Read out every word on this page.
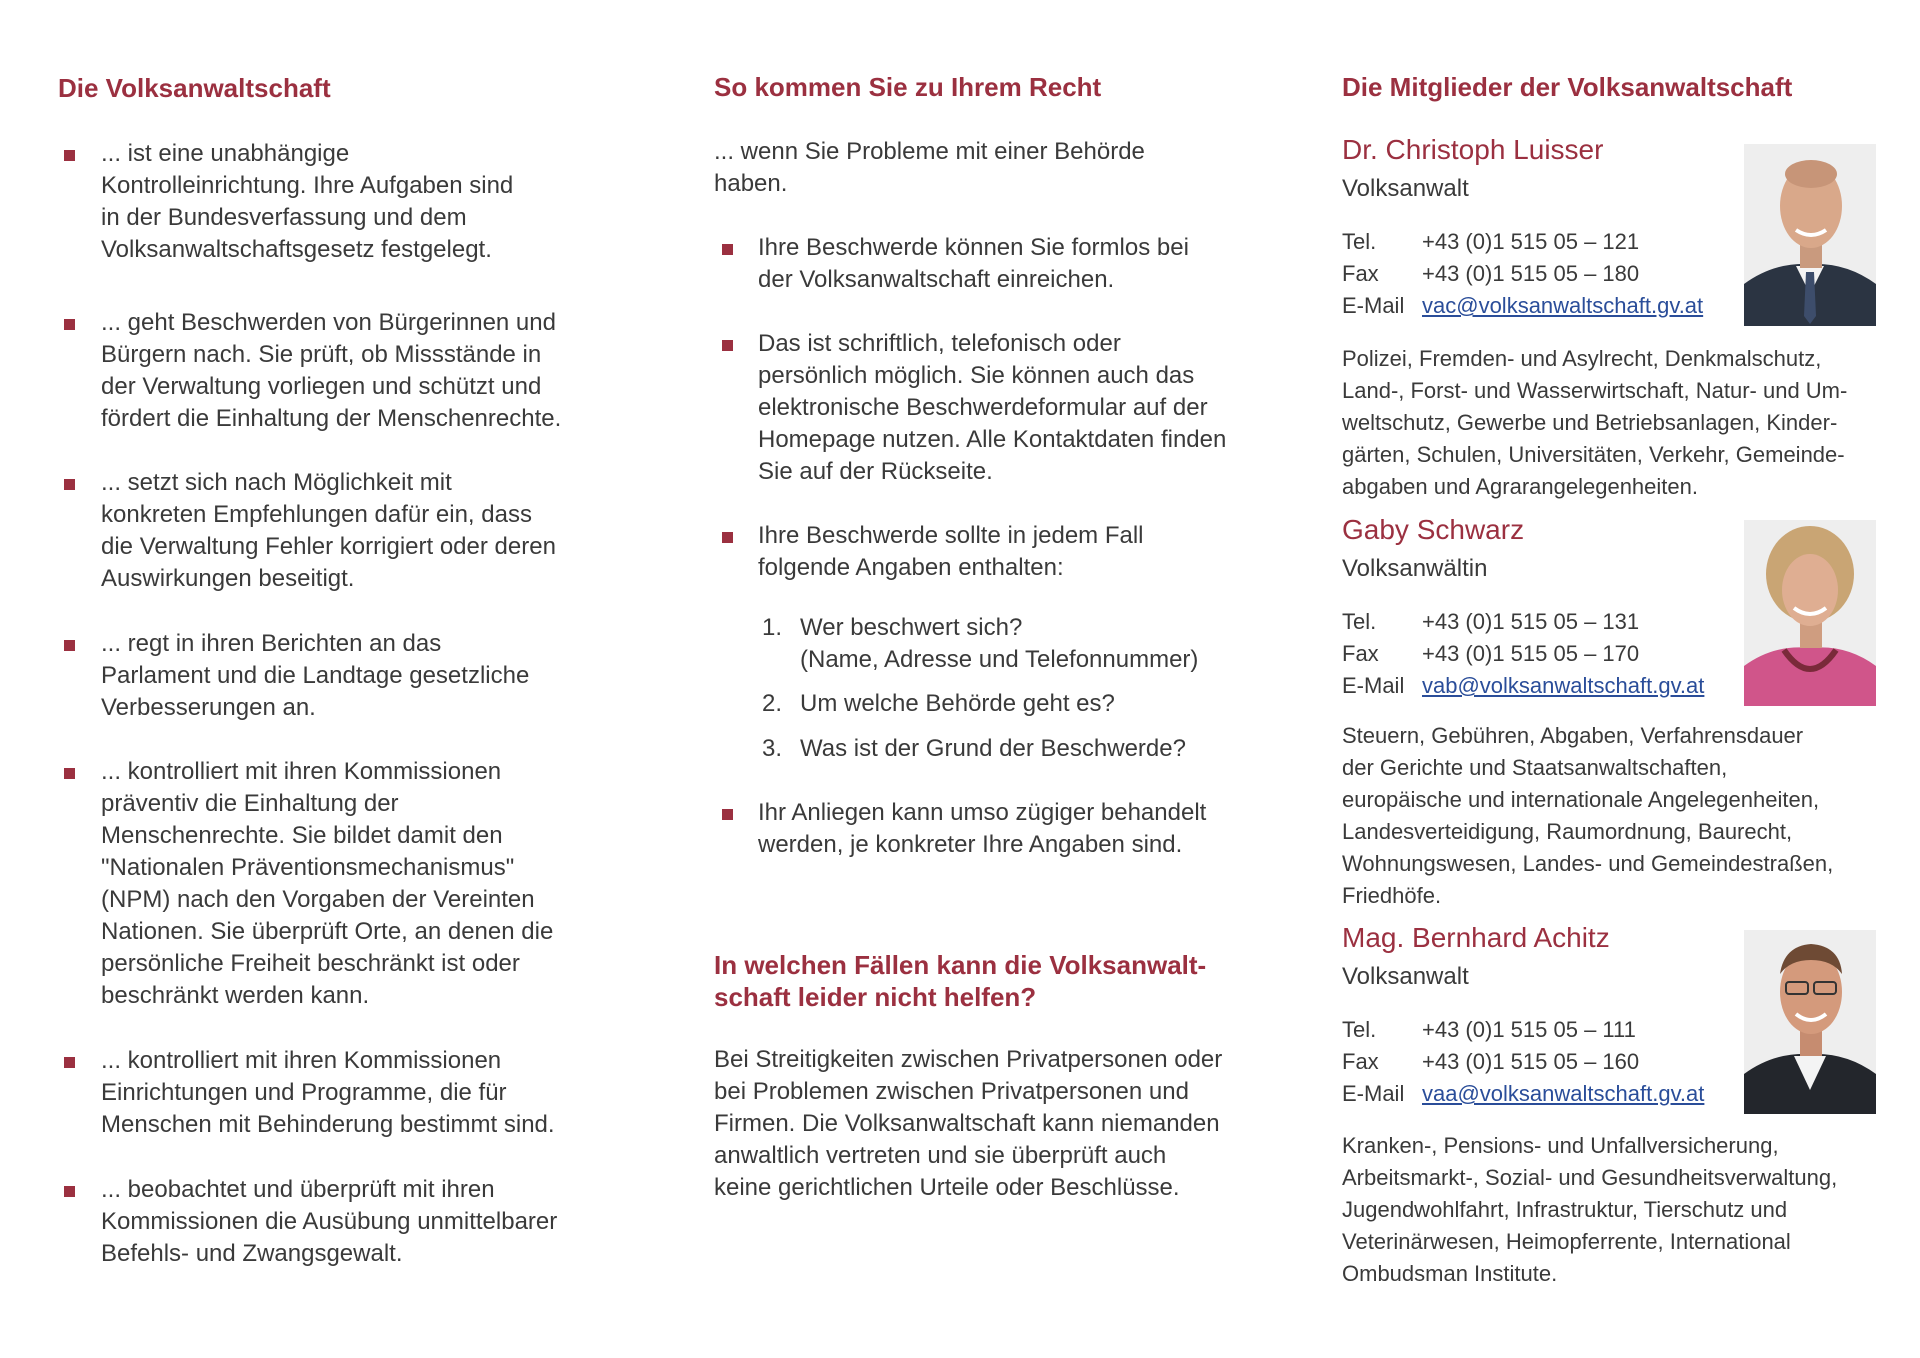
Die Volksanwaltschaft
... ist eine unabhängige
Kontrolleinrichtung. Ihre Aufgaben sind
in der Bundesverfassung und dem
Volksanwaltschaftsgesetz festgelegt.
... geht Beschwerden von Bürgerinnen und
Bürgern nach. Sie prüft, ob Missstände in
der Verwaltung vorliegen und schützt und
fördert die Einhaltung der Menschenrechte.
... setzt sich nach Möglichkeit mit
konkreten Empfehlungen dafür ein, dass
die Verwaltung Fehler korrigiert oder deren
Auswirkungen beseitigt.
... regt in ihren Berichten an das
Parlament und die Landtage gesetzliche
Verbesserungen an.
... kontrolliert mit ihren Kommissionen
präventiv die Einhaltung der
Menschenrechte. Sie bildet damit den
"Nationalen Präventionsmechanismus"
(NPM) nach den Vorgaben der Vereinten
Nationen. Sie überprüft Orte, an denen die
persönliche Freiheit beschränkt ist oder
beschränkt werden kann.
... kontrolliert mit ihren Kommissionen
Einrichtungen und Programme, die für
Menschen mit Behinderung bestimmt sind.
... beobachtet und überprüft mit ihren
Kommissionen die Ausübung unmittelbarer
Befehls- und Zwangsgewalt.
So kommen Sie zu Ihrem Recht
... wenn Sie Probleme mit einer Behörde
haben.
Ihre Beschwerde können Sie formlos bei
der Volksanwaltschaft einreichen.
Das ist schriftlich, telefonisch oder
persönlich möglich. Sie können auch das
elektronische Beschwerdeformular auf der
Homepage nutzen. Alle Kontaktdaten finden
Sie auf der Rückseite.
Ihre Beschwerde sollte in jedem Fall
folgende Angaben enthalten:
1. Wer beschwert sich?
(Name, Adresse und Telefonnummer)
2. Um welche Behörde geht es?
3. Was ist der Grund der Beschwerde?
Ihr Anliegen kann umso zügiger behandelt
werden, je konkreter Ihre Angaben sind.
In welchen Fällen kann die Volksanwalt-
schaft leider nicht helfen?
Bei Streitigkeiten zwischen Privatpersonen oder
bei Problemen zwischen Privatpersonen und
Firmen. Die Volksanwaltschaft kann niemanden
anwaltlich vertreten und sie überprüft auch
keine gerichtlichen Urteile oder Beschlüsse.
Die Mitglieder der Volksanwaltschaft
Dr. Christoph Luisser
Volksanwalt
Tel. +43 (0)1 515 05 – 121
Fax +43 (0)1 515 05 – 180
E-Mail vac@volksanwaltschaft.gv.at
Polizei, Fremden- und Asylrecht, Denkmalschutz,
Land-, Forst- und Wasserwirtschaft, Natur- und Um-
weltschutz, Gewerbe und Betriebsanlagen, Kinder-
gärten, Schulen, Universitäten, Verkehr, Gemeinde-
abgaben und Agrarangelegenheiten.
Gaby Schwarz
Volksanwältin
Tel. +43 (0)1 515 05 – 131
Fax +43 (0)1 515 05 – 170
E-Mail vab@volksanwaltschaft.gv.at
Steuern, Gebühren, Abgaben, Verfahrensdauer
der Gerichte und Staatsanwaltschaften,
europäische und internationale Angelegenheiten,
Landesverteidigung, Raumordnung, Baurecht,
Wohnungswesen, Landes- und Gemeindestraßen,
Friedhöfe.
Mag. Bernhard Achitz
Volksanwalt
Tel. +43 (0)1 515 05 – 111
Fax +43 (0)1 515 05 – 160
E-Mail vaa@volksanwaltschaft.gv.at
Kranken-, Pensions- und Unfallversicherung,
Arbeitsmarkt-, Sozial- und Gesundheitsverwaltung,
Jugendwohlfahrt, Infrastruktur, Tierschutz und
Veterinärwesen, Heimopferrente, International
Ombudsman Institute.
